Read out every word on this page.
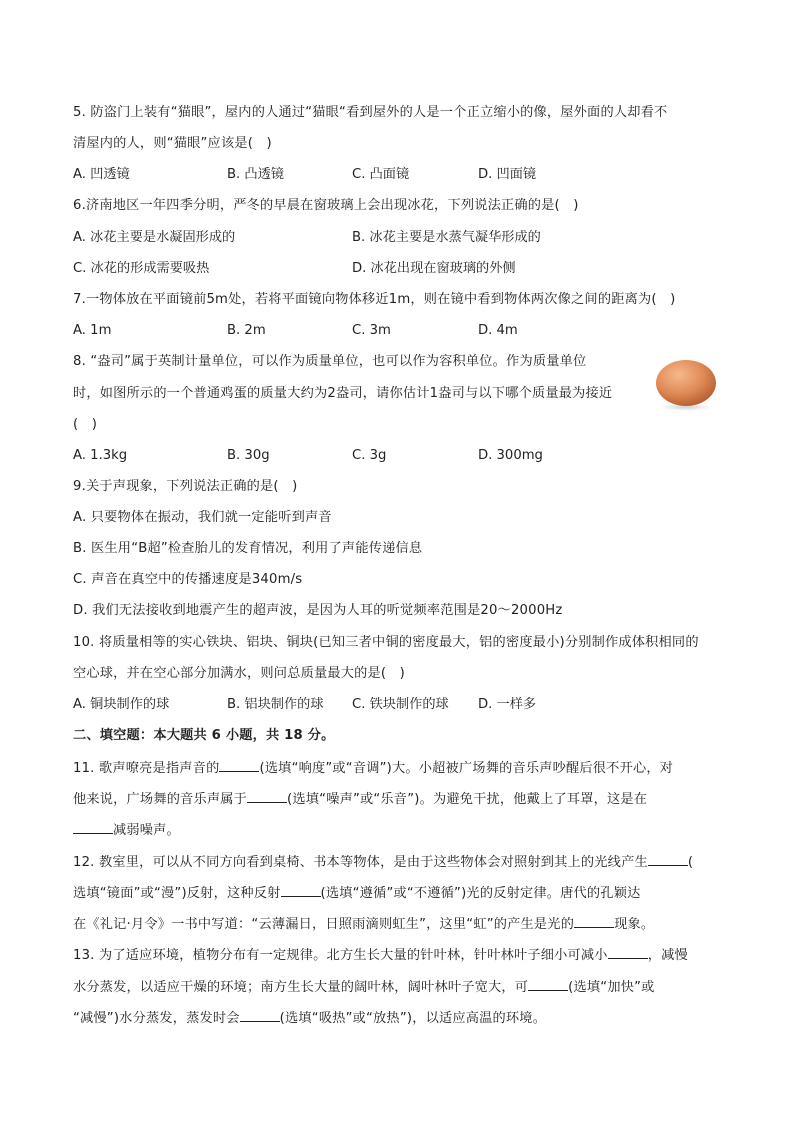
5. 防盗门上装有“猫眼”，屋内的人通过“猫眼“看到屋外的人是一个正立缩小的像，屋外面的人却看不
清屋内的人，则“猫眼”应该是(　)
A. 凹透镜	B. 凸透镜	C. 凸面镜	D. 凹面镜
6.济南地区一年四季分明，严冬的早晨在窗玻璃上会出现冰花，下列说法正确的是(　)
A. 冰花主要是水凝固形成的	B. 冰花主要是水蒸气凝华形成的
C. 冰花的形成需要吸热	D. 冰花出现在窗玻璃的外侧
7.一物体放在平面镜前5m处，若将平面镜向物体移近1m，则在镜中看到物体两次像之间的距离为(　)
A. 1m	B. 2m	C. 3m	D. 4m
8. “盎司”属于英制计量单位，可以作为质量单位，也可以作为容积单位。作为质量单位
时，如图所示的一个普通鸡蛋的质量大约为2盎司，请你估计1盎司与以下哪个质量最为接近
(　)
A. 1.3kg	B. 30g	C. 3g	D. 300mg
9.关于声现象，下列说法正确的是(　)
A. 只要物体在振动，我们就一定能听到声音
B. 医生用“B超”检查胎儿的发育情况，利用了声能传递信息
C. 声音在真空中的传播速度是340m/s
D. 我们无法接收到地震产生的超声波，是因为人耳的听觉频率范围是20～2000Hz
10. 将质量相等的实心铁块、铝块、铜块(已知三者中铜的密度最大，铝的密度最小)分别制作成体积相同的
空心球，并在空心部分加满水，则问总质量最大的是(　)
A. 铜块制作的球	B. 铝块制作的球 C. 铁块制作的球 D. 一样多
二、填空题：本大题共 6 小题，共 18 分。
11. 歌声嘹亮是指声音的	(选填“响度”或“音调”)大。小超被广场舞的音乐声吵醒后很不开心，对
他来说，广场舞的音乐声属于	(选填“噪声”或“乐音”)。为避免干扰，他戴上了耳罩，这是在
减弱噪声。
12. 教室里，可以从不同方向看到桌椅、书本等物体，是由于这些物体会对照射到其上的光线产生	(
选填“镜面”或“漫”)反射，这种反射	(选填“遵循”或“不遵循”)光的反射定律。唐代的孔颖达
在《礼记·月令》一书中写道：“云薄漏日，日照雨滴则虹生”，这里“虹”的产生是光的	现象。
13. 为了适应环境，植物分布有一定规律。北方生长大量的针叶林，针叶林叶子细小可减小	，减慢
水分蒸发，以适应干燥的环境；南方生长大量的阔叶林，阔叶林叶子宽大，可	(选填“加快”或
“减慢”)水分蒸发，蒸发时会	(选填“吸热”或“放热”)，以适应高温的环境。
